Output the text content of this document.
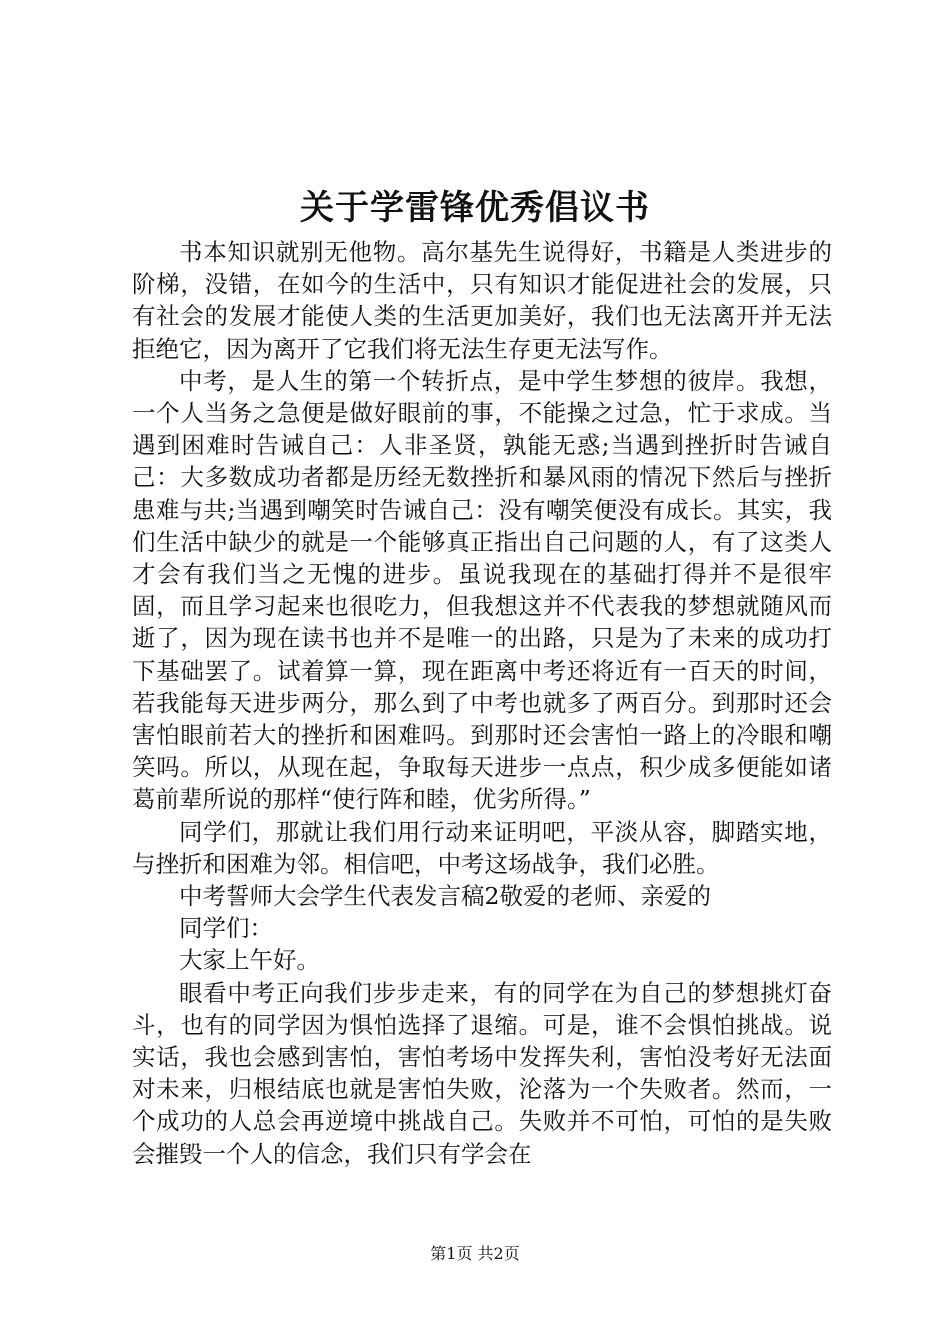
关于学雷锋优秀倡议书

书本知识就别无他物。高尔基先生说得好，书籍是人类进步的阶梯，没错，在如今的生活中，只有知识才能促进社会的发展，只有社会的发展才能使人类的生活更加美好，我们也无法离开并无法拒绝它，因为离开了它我们将无法生存更无法写作。

中考，是人生的第一个转折点，是中学生梦想的彼岸。我想，一个人当务之急便是做好眼前的事，不能操之过急，忙于求成。当遇到困难时告诫自己：人非圣贤，孰能无惑;当遇到挫折时告诫自己：大多数成功者都是历经无数挫折和暴风雨的情况下然后与挫折患难与共;当遇到嘲笑时告诫自己：没有嘲笑便没有成长。其实，我们生活中缺少的就是一个能够真正指出自己问题的人，有了这类人才会有我们当之无愧的进步。虽说我现在的基础打得并不是很牢固，而且学习起来也很吃力，但我想这并不代表我的梦想就随风而逝了，因为现在读书也并不是唯一的出路，只是为了未来的成功打下基础罢了。试着算一算，现在距离中考还将近有一百天的时间，若我能每天进步两分，那么到了中考也就多了两百分。到那时还会害怕眼前若大的挫折和困难吗。到那时还会害怕一路上的冷眼和嘲笑吗。所以，从现在起，争取每天进步一点点，积少成多便能如诸葛前辈所说的那样“使行阵和睦，优劣所得。”

同学们，那就让我们用行动来证明吧，平淡从容，脚踏实地，与挫折和困难为邻。相信吧，中考这场战争，我们必胜。

中考誓师大会学生代表发言稿2敬爱的老师、亲爱的

同学们：

大家上午好。

眼看中考正向我们步步走来，有的同学在为自己的梦想挑灯奋斗，也有的同学因为惧怕选择了退缩。可是，谁不会惧怕挑战。说实话，我也会感到害怕，害怕考场中发挥失利，害怕没考好无法面对未来，归根结底也就是害怕失败，沦落为一个失败者。然而，一个成功的人总会再逆境中挑战自己。失败并不可怕，可怕的是失败会摧毁一个人的信念，我们只有学会在

第1页 共2页
